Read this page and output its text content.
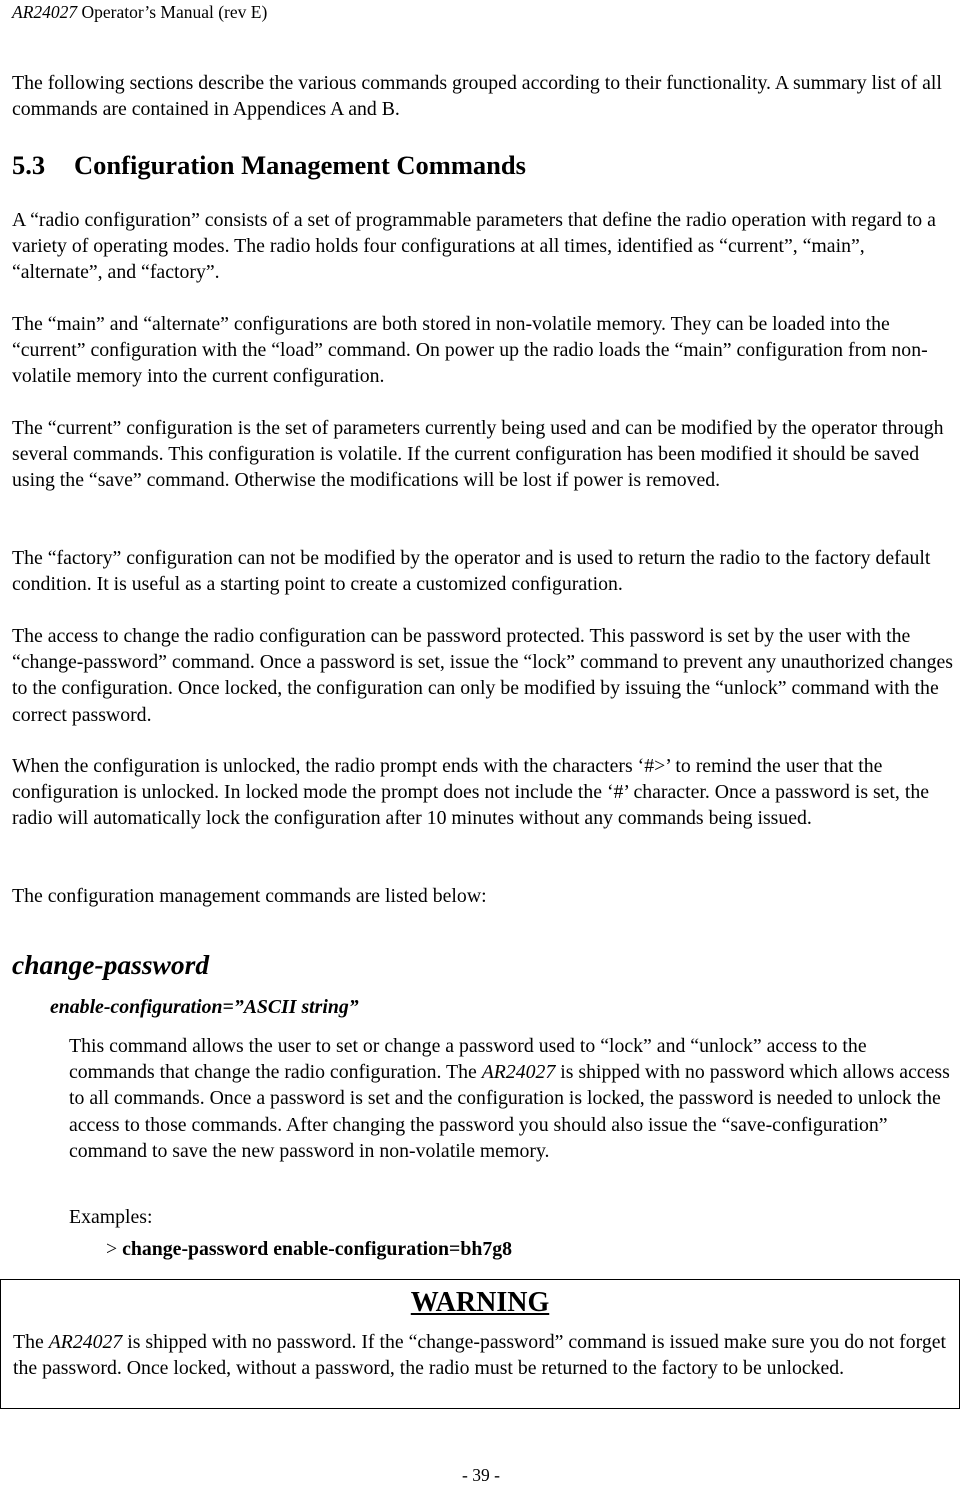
AR24027 Operator’s Manual (rev E)

The following sections describe the various commands grouped according to their functionality. A summary list of all commands are contained in Appendices A and B.

5.3 Configuration Management Commands

A “radio configuration” consists of a set of programmable parameters that define the radio operation with regard to a variety of operating modes. The radio holds four configurations at all times, identified as “current”, “main”, “alternate”, and “factory”.

The “main” and “alternate” configurations are both stored in non-volatile memory. They can be loaded into the “current” configuration with the “load” command. On power up the radio loads the “main” configuration from non-volatile memory into the current configuration.

The “current” configuration is the set of parameters currently being used and can be modified by the operator through several commands. This configuration is volatile. If the current configuration has been modified it should be saved using the “save” command. Otherwise the modifications will be lost if power is removed.

The “factory” configuration can not be modified by the operator and is used to return the radio to the factory default condition. It is useful as a starting point to create a customized configuration.

The access to change the radio configuration can be password protected. This password is set by the user with the “change-password” command. Once a password is set, issue the “lock” command to prevent any unauthorized changes to the configuration. Once locked, the configuration can only be modified by issuing the “unlock” command with the correct password.

When the configuration is unlocked, the radio prompt ends with the characters ‘#>’ to remind the user that the configuration is unlocked. In locked mode the prompt does not include the ‘#’ character. Once a password is set, the radio will automatically lock the configuration after 10 minutes without any commands being issued.

The configuration management commands are listed below:

change-password

enable-configuration=”ASCII string”

This command allows the user to set or change a password used to “lock” and “unlock” access to the commands that change the radio configuration. The AR24027 is shipped with no password which allows access to all commands. Once a password is set and the configuration is locked, the password is needed to unlock the access to those commands. After changing the password you should also issue the “save-configuration” command to save the new password in non-volatile memory.

Examples:

> change-password enable-configuration=bh7g8

WARNING

The AR24027 is shipped with no password. If the “change-password” command is issued make sure you do not forget the password. Once locked, without a password, the radio must be returned to the factory to be unlocked.

- 39 -
